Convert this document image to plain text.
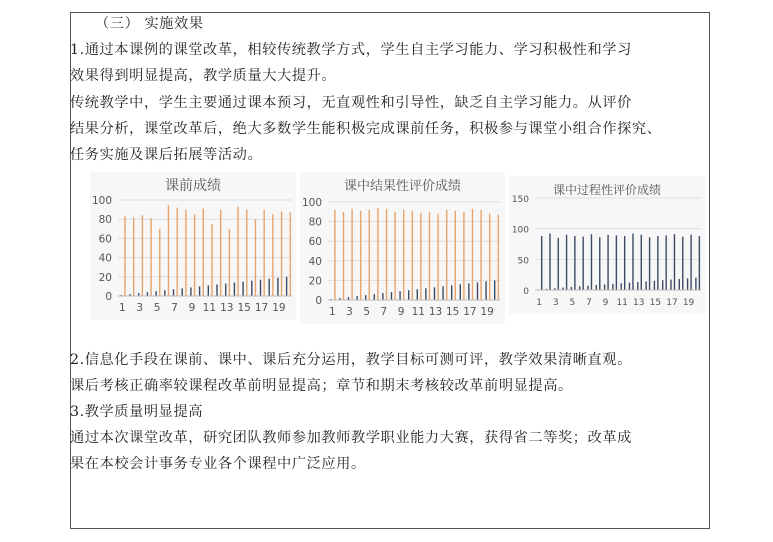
（三） 实施效果
1.通过本课例的课堂改革，相较传统教学方式，学生自主学习能力、学习积极性和学习
效果得到明显提高，教学质量大大提升。
传统教学中，学生主要通过课本预习，无直观性和引导性，缺乏自主学习能力。从评价
结果分析，课堂改革后，绝大多数学生能积极完成课前任务，积极参与课堂小组合作探究、
任务实施及课后拓展等活动。
课前成绩
0
20
40
60
80
100
1 3 5 7 9 11 13 15 17 19
课中结果性评价成绩
0
20
40
60
80
100
1 3 5 7 9 11 13 15 17 19
课中过程性评价成绩
0
50
100
150
1 3 5 7 9 11 13 15 17 19
2.信息化手段在课前、课中、课后充分运用，教学目标可测可评，教学效果清晰直观。
课后考核正确率较课程改革前明显提高；章节和期末考核较改革前明显提高。
3.教学质量明显提高
通过本次课堂改革，研究团队教师参加教师教学职业能力大赛，获得省二等奖；改革成
果在本校会计事务专业各个课程中广泛应用。
